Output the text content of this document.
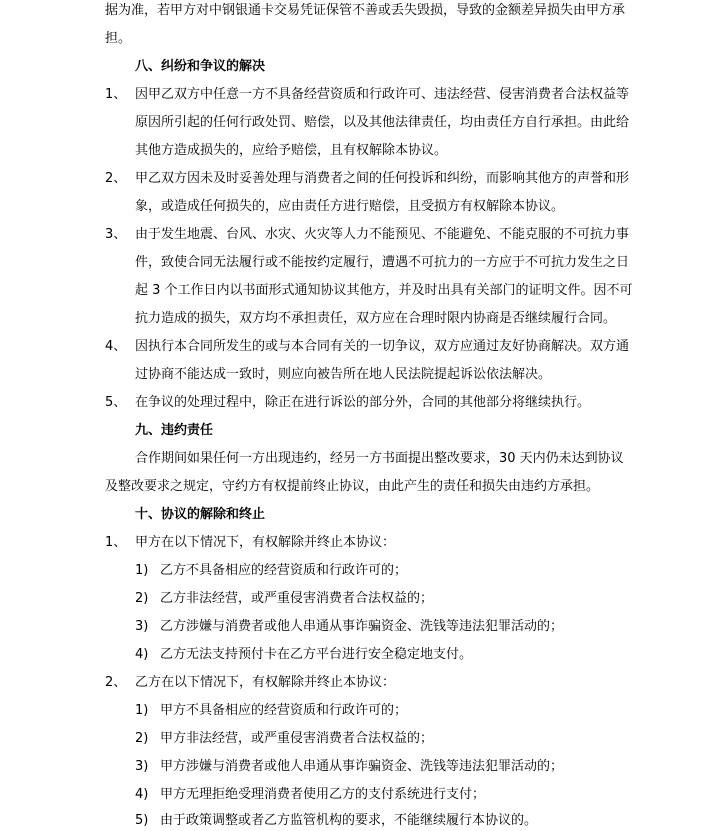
据为准，若甲方对中钢银通卡交易凭证保管不善或丢失毁损，导致的金额差异损失由甲方承
担。
八、纠纷和争议的解决
1、 因甲乙双方中任意一方不具备经营资质和行政许可、违法经营、侵害消费者合法权益等
原因所引起的任何行政处罚、赔偿，以及其他法律责任，均由责任方自行承担。由此给
其他方造成损失的，应给予赔偿，且有权解除本协议。
2、 甲乙双方因未及时妥善处理与消费者之间的任何投诉和纠纷，而影响其他方的声誉和形
象，或造成任何损失的，应由责任方进行赔偿，且受损方有权解除本协议。
3、 由于发生地震、台风、水灾、火灾等人力不能预见、不能避免、不能克服的不可抗力事
件，致使合同无法履行或不能按约定履行，遭遇不可抗力的一方应于不可抗力发生之日
起 3 个工作日内以书面形式通知协议其他方，并及时出具有关部门的证明文件。因不可
抗力造成的损失，双方均不承担责任，双方应在合理时限内协商是否继续履行合同。
4、 因执行本合同所发生的或与本合同有关的一切争议，双方应通过友好协商解决。双方通
过协商不能达成一致时，则应向被告所在地人民法院提起诉讼依法解决。
5、 在争议的处理过程中，除正在进行诉讼的部分外，合同的其他部分将继续执行。
九、违约责任
合作期间如果任何一方出现违约，经另一方书面提出整改要求，30 天内仍未达到协议
及整改要求之规定，守约方有权提前终止协议，由此产生的责任和损失由违约方承担。
十、协议的解除和终止
1、 甲方在以下情况下，有权解除并终止本协议：
1) 乙方不具备相应的经营资质和行政许可的；
2) 乙方非法经营，或严重侵害消费者合法权益的；
3) 乙方涉嫌与消费者或他人串通从事诈骗资金、洗钱等违法犯罪活动的；
4) 乙方无法支持预付卡在乙方平台进行安全稳定地支付。
2、 乙方在以下情况下，有权解除并终止本协议：
1) 甲方不具备相应的经营资质和行政许可的；
2) 甲方非法经营，或严重侵害消费者合法权益的；
3) 甲方涉嫌与消费者或他人串通从事诈骗资金、洗钱等违法犯罪活动的；
4) 甲方无理拒绝受理消费者使用乙方的支付系统进行支付；
5) 由于政策调整或者乙方监管机构的要求，不能继续履行本协议的。
